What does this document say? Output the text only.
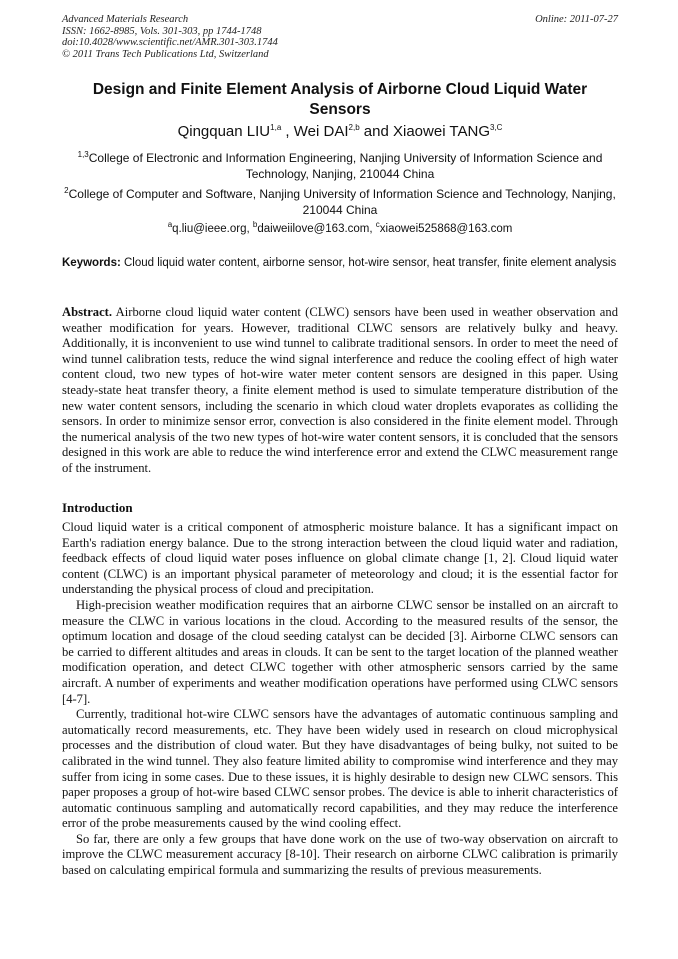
Advanced Materials Research
ISSN: 1662-8985, Vols. 301-303, pp 1744-1748
doi:10.4028/www.scientific.net/AMR.301-303.1744
© 2011 Trans Tech Publications Ltd, Switzerland
Online: 2011-07-27
Design and Finite Element Analysis of Airborne Cloud Liquid Water Sensors
Qingquan LIU$^{1,a}$ , Wei DAI$^{2,b}$ and Xiaowei $TANG^{3,C}$
$^{1,3}$College of Electronic and Information Engineering, Nanjing University of Information Science and Technology, Nanjing, 210044 China
$^2$College of Computer and Software, Nanjing University of Information Science and Technology, Nanjing, 210044 China
$^a$q.liu@ieee.org, $^b$daiweiilove@163.com, $^c$xiaowei525868@163.com
Keywords: Cloud liquid water content, airborne sensor, hot-wire sensor, heat transfer, finite element analysis
Abstract. Airborne cloud liquid water content (CLWC) sensors have been used in weather observation and weather modification for years. However, traditional CLWC sensors are relatively bulky and heavy. Additionally, it is inconvenient to use wind tunnel to calibrate traditional sensors. In order to meet the need of wind tunnel calibration tests, reduce the wind signal interference and reduce the cooling effect of high water content cloud, two new types of hot-wire water meter content sensors are designed in this paper. Using steady-state heat transfer theory, a finite element method is used to simulate temperature distribution of the new water content sensors, including the scenario in which cloud water droplets evaporates as colliding the sensors. In order to minimize sensor error, convection is also considered in the finite element model. Through the numerical analysis of the two new types of hot-wire water content sensors, it is concluded that the sensors designed in this work are able to reduce the wind interference error and extend the CLWC measurement range of the instrument.
Introduction

Cloud liquid water is a critical component of atmospheric moisture balance. It has a significant impact on Earth's radiation energy balance. Due to the strong interaction between the cloud liquid water and radiation, feedback effects of cloud liquid water poses influence on global climate change [1, 2]. Cloud liquid water content (CLWC) is an important physical parameter of meteorology and cloud; it is the essential factor for understanding the physical process of cloud and precipitation.

High-precision weather modification requires that an airborne CLWC sensor be installed on an aircraft to measure the CLWC in various locations in the cloud. According to the measured results of the sensor, the optimum location and dosage of the cloud seeding catalyst can be decided [3]. Airborne CLWC sensors can be carried to different altitudes and areas in clouds. It can be sent to the target location of the planned weather modification operation, and detect CLWC together with other atmospheric sensors carried by the same aircraft. A number of experiments and weather modification operations have performed using CLWC sensors [4-7].

Currently, traditional hot-wire CLWC sensors have the advantages of automatic continuous sampling and automatically record measurements, etc. They have been widely used in research on cloud microphysical processes and the distribution of cloud water. But they have disadvantages of being bulky, not suited to be calibrated in the wind tunnel. They also feature limited ability to compromise wind interference and they may suffer from icing in some cases. Due to these issues, it is highly desirable to design new CLWC sensors. This paper proposes a group of hot-wire based CLWC sensor probes. The device is able to inherit characteristics of automatic continuous sampling and automatically record capabilities, and they may reduce the interference error of the probe measurements caused by the wind cooling effect.

So far, there are only a few groups that have done work on the use of two-way observation on aircraft to improve the CLWC measurement accuracy [8-10]. Their research on airborne CLWC calibration is primarily based on calculating empirical formula and summarizing the results of previous measurements.
